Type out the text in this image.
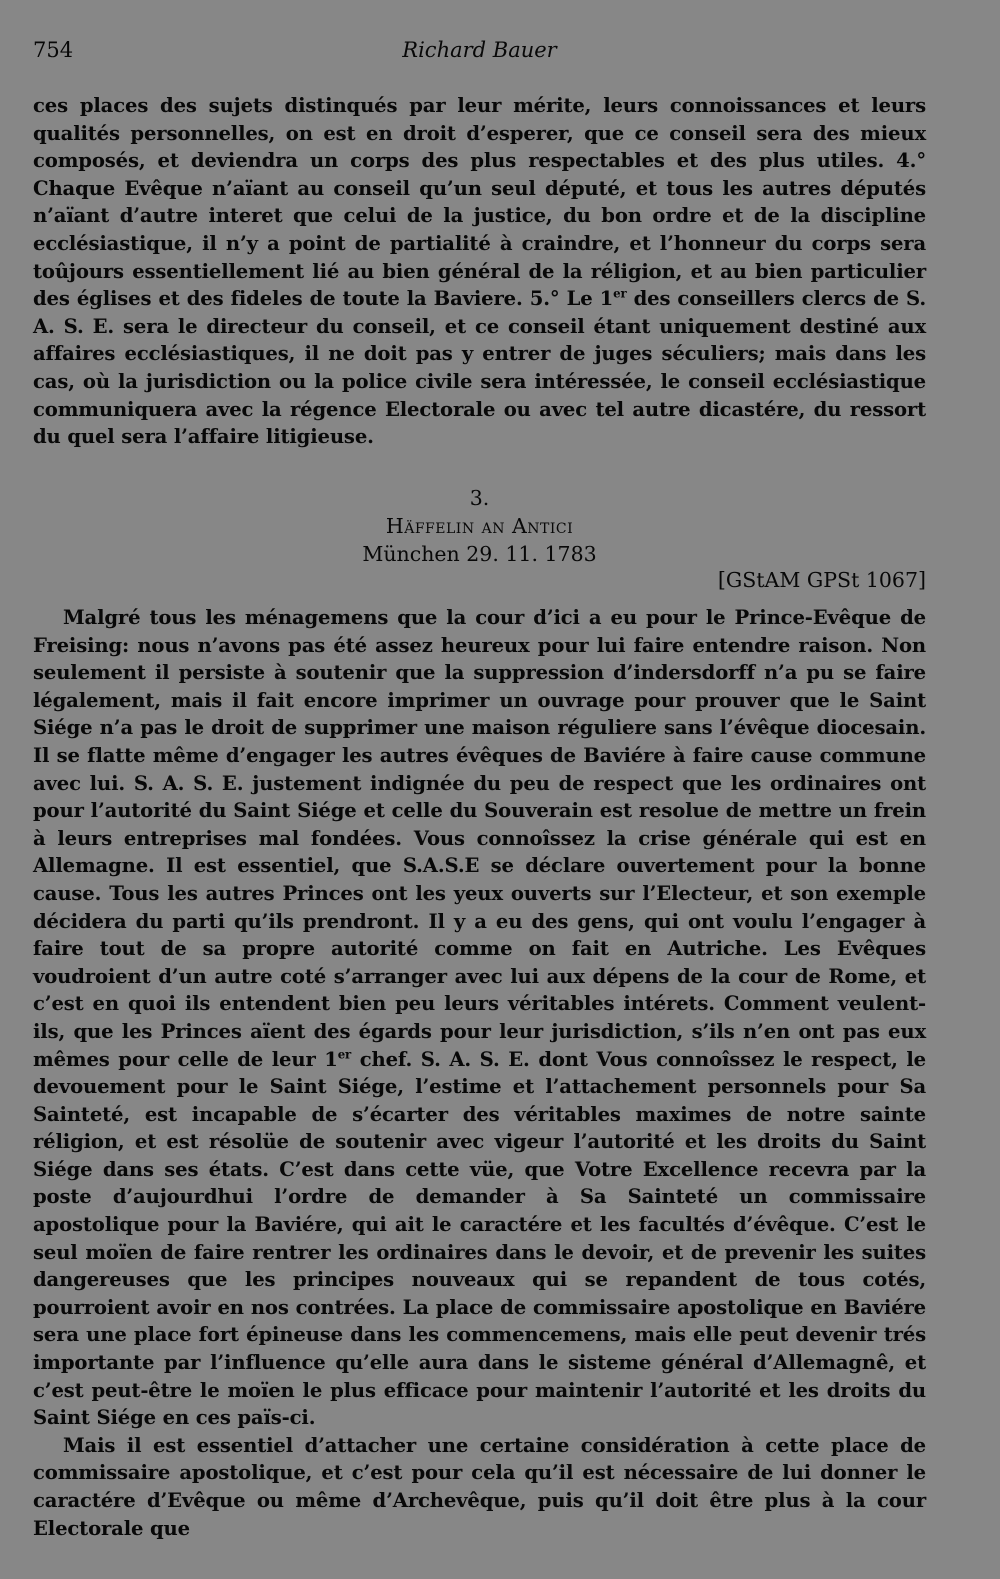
754	Richard Bauer

ces places des sujets distinqués par leur mérite, leurs connoissances et leurs qualités personnelles, on est en droit d’esperer, que ce conseil sera des mieux composés, et deviendra un corps des plus respectables et des plus utiles. 4.° Chaque Evêque n’aïant au conseil qu’un seul député, et tous les autres députés n’aïant d’autre interet que celui de la justice, du bon ordre et de la discipline ecclésiastique, il n’y a point de partialité à craindre, et l’honneur du corps sera toûjours essentiellement lié au bien général de la réligion, et au bien particulier des églises et des fideles de toute la Baviere. 5.° Le 1er des conseillers clercs de S. A. S. E. sera le directeur du conseil, et ce conseil étant uniquement destiné aux affaires ecclésiastiques, il ne doit pas y entrer de juges séculiers; mais dans les cas, où la jurisdiction ou la police civile sera intéressée, le conseil ecclésiastique communiquera avec la régence Electorale ou avec tel autre dicastére, du ressort du quel sera l’affaire litigieuse.

3.
Häffelin an Antici
München 29. 11. 1783
[GStAM GPSt 1067]

Malgré tous les ménagemens que la cour d’ici a eu pour le Prince-Evêque de Freising: nous n’avons pas été assez heureux pour lui faire entendre raison. Non seulement il persiste à soutenir que la suppression d’indersdorff n’a pu se faire légalement, mais il fait encore imprimer un ouvrage pour prouver que le Saint Siége n’a pas le droit de supprimer une maison réguliere sans l’évêque diocesain. Il se flatte même d’engager les autres évêques de Baviére à faire cause commune avec lui. S. A. S. E. justement indignée du peu de respect que les ordinaires ont pour l’autorité du Saint Siége et celle du Souverain est resolue de mettre un frein à leurs entreprises mal fondées. Vous connoîssez la crise générale qui est en Allemagne. Il est essentiel, que S.A.S.E se déclare ouvertement pour la bonne cause. Tous les autres Princes ont les yeux ouverts sur l’Electeur, et son exemple décidera du parti qu’ils prendront. Il y a eu des gens, qui ont voulu l’engager à faire tout de sa propre autorité comme on fait en Autriche. Les Evêques voudroient d’un autre coté s’arranger avec lui aux dépens de la cour de Rome, et c’est en quoi ils entendent bien peu leurs véritables intérets. Comment veulent-ils, que les Princes aïent des égards pour leur jurisdiction, s’ils n’en ont pas eux mêmes pour celle de leur 1er chef. S. A. S. E. dont Vous connoîssez le respect, le devouement pour le Saint Siége, l’estime et l’attachement personnels pour Sa Sainteté, est incapable de s’écarter des véritables maximes de notre sainte réligion, et est résolüe de soutenir avec vigeur l’autorité et les droits du Saint Siége dans ses états. C’est dans cette vüe, que Votre Excellence recevra par la poste d’aujourdhui l’ordre de demander à Sa Sainteté un commissaire apostolique pour la Baviére, qui ait le caractére et les facultés d’évêque. C’est le seul moïen de faire rentrer les ordinaires dans le devoir, et de prevenir les suites dangereuses que les principes nouveaux qui se repandent de tous cotés, pourroient avoir en nos contrées. La place de commissaire apostolique en Baviére sera une place fort épineuse dans les commencemens, mais elle peut devenir trés importante par l’influence qu’elle aura dans le sisteme général d’Allemagnê, et c’est peut-être le moïen le plus efficace pour maintenir l’autorité et les droits du Saint Siége en ces païs-ci.

Mais il est essentiel d’attacher une certaine considération à cette place de commissaire apostolique, et c’est pour cela qu’il est nécessaire de lui donner le caractére d’Evêque ou même d’Archevêque, puis qu’il doit être plus à la cour Electorale que
